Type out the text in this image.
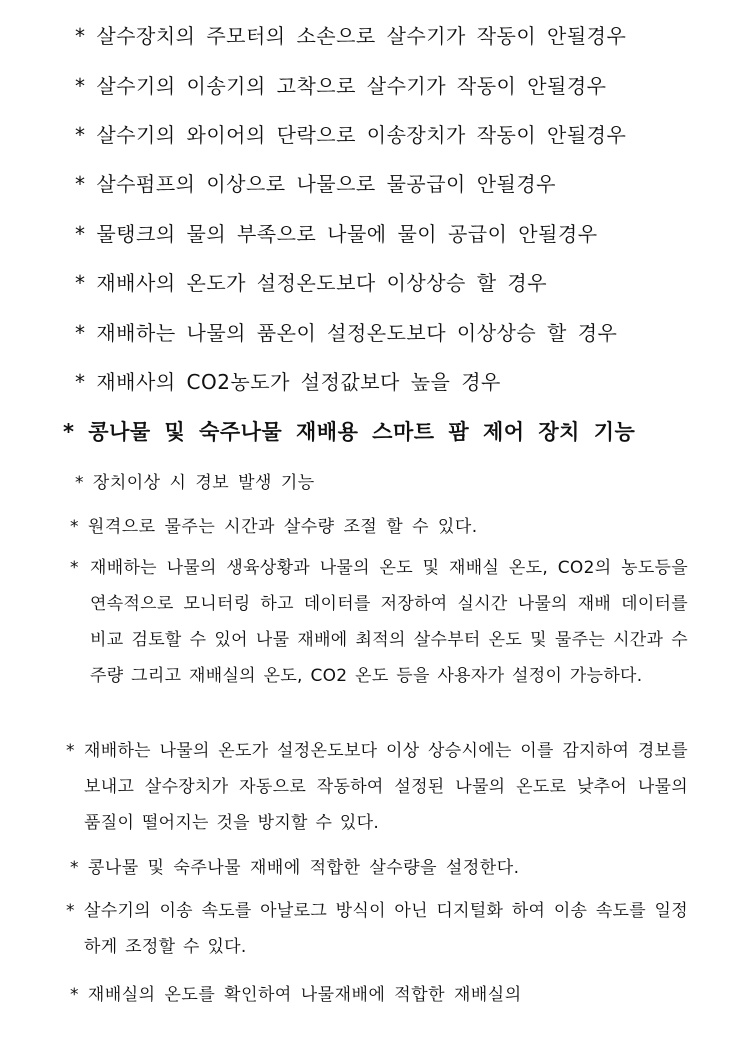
* 살수장치의 주모터의 소손으로 살수기가 작동이 안될경우
* 살수기의 이송기의 고착으로 살수기가 작동이 안될경우
* 살수기의 와이어의 단락으로 이송장치가 작동이 안될경우
* 살수펌프의 이상으로 나물으로 물공급이 안될경우
* 물탱크의 물의 부족으로 나물에 물이 공급이 안될경우
* 재배사의 온도가 설정온도보다 이상상승 할 경우
* 재배하는 나물의 품온이 설정온도보다 이상상승 할 경우
* 재배사의 CO2농도가 설정값보다 높을 경우
* 콩나물 및 숙주나물 재배용 스마트 팜 제어 장치 기능
* 장치이상 시 경보 발생 기능
* 원격으로 물주는 시간과 살수량 조절 할 수 있다.
* 재배하는 나물의 생육상황과 나물의 온도 및 재배실 온도, CO2의 농도등을 연속적으로 모니터링 하고 데이터를 저장하여 실시간 나물의 재배 데이터를 비교 검토할 수 있어 나물 재배에 최적의 살수부터 온도 및 물주는 시간과 수주량 그리고 재배실의 온도, CO2 온도 등을 사용자가 설정이 가능하다.
* 재배하는 나물의 온도가 설정온도보다 이상 상승시에는 이를 감지하여 경보를 보내고 살수장치가 자동으로 작동하여 설정된 나물의 온도로 낮추어 나물의 품질이 떨어지는 것을 방지할 수 있다.
* 콩나물 및 숙주나물 재배에 적합한 살수량을 설정한다.
* 살수기의 이송 속도를 아날로그 방식이 아닌 디지털화 하여 이송 속도를 일정하게 조정할 수 있다.
* 재배실의 온도를 확인하여 나물재배에 적합한 재배실의
